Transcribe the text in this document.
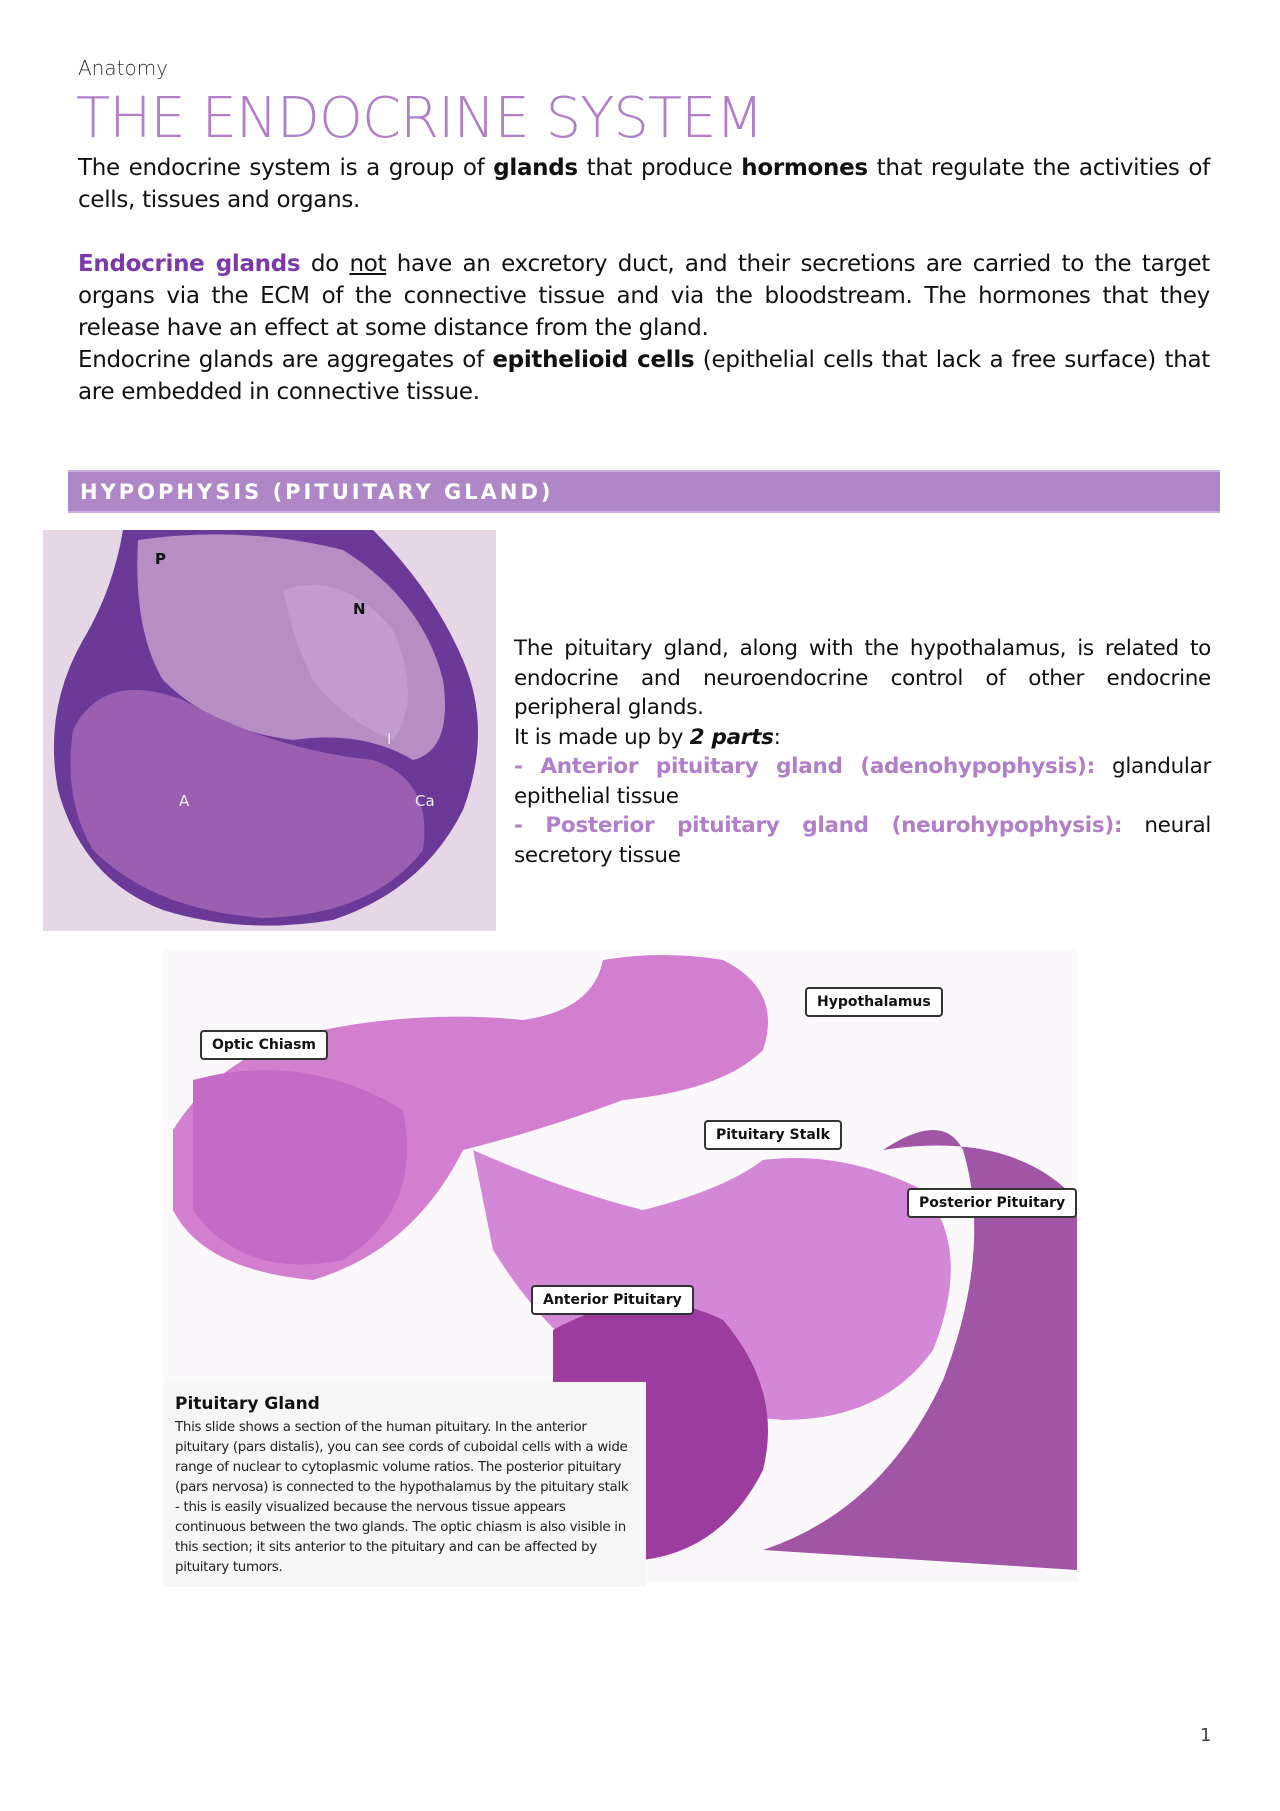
Anatomy
THE ENDOCRINE SYSTEM
The endocrine system is a group of glands that produce hormones that regulate the activities of cells, tissues and organs.
Endocrine glands do not have an excretory duct, and their secretions are carried to the target organs via the ECM of the connective tissue and via the bloodstream. The hormones that they release have an effect at some distance from the gland.
Endocrine glands are aggregates of epithelioid cells (epithelial cells that lack a free surface) that are embedded in connective tissue.
HYPOPHYSIS (PITUITARY GLAND)
P
N
I
A	Ca
The pituitary gland, along with the hypothalamus, is related to endocrine and neuroendocrine control of other endocrine peripheral glands.
It is made up by 2 parts:
- Anterior pituitary gland (adenohypophysis): glandular epithelial tissue
- Posterior pituitary gland (neurohypophysis): neural secretory tissue
Hypothalamus
Optic Chiasm
Pituitary Stalk
Posterior Pituitary
Anterior Pituitary
Pituitary Gland
This slide shows a section of the human pituitary. In the anterior pituitary (pars distalis), you can see cords of cuboidal cells with a wide range of nuclear to cytoplasmic volume ratios. The posterior pituitary (pars nervosa) is connected to the hypothalamus by the pituitary stalk - this is easily visualized because the nervous tissue appears continuous between the two glands. The optic chiasm is also visible in this section; it sits anterior to the pituitary and can be affected by pituitary tumors.
1
